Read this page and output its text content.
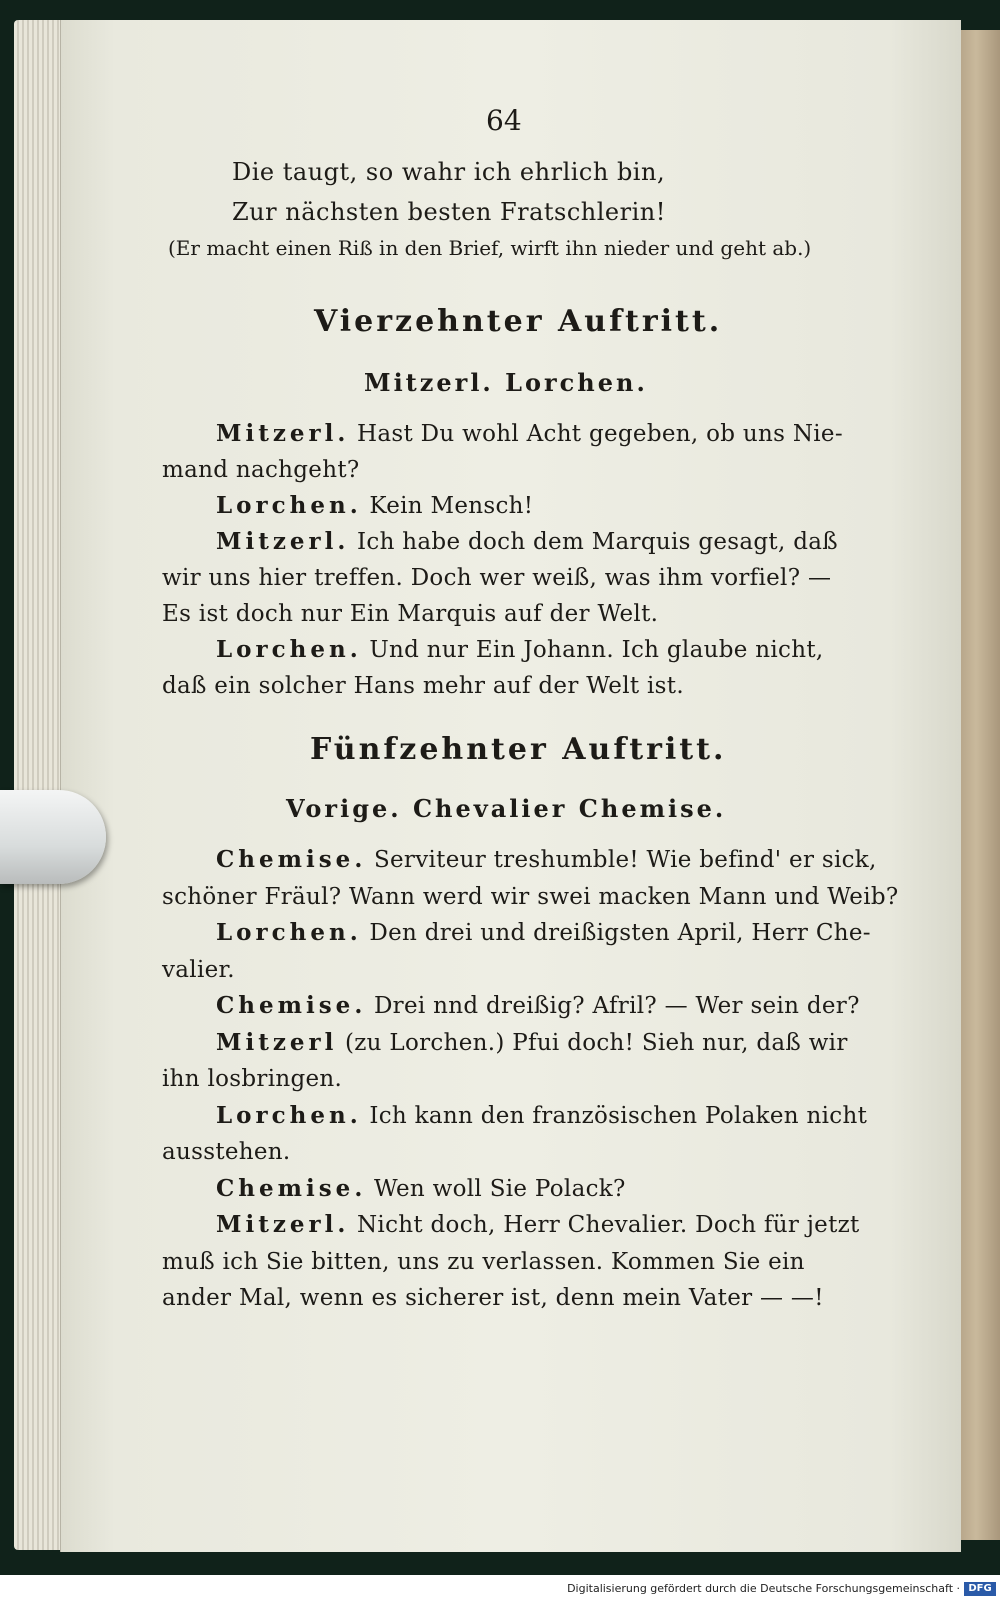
64
Die taugt, so wahr ich ehrlich bin,
Zur nächsten besten Fratschlerin!
(Er macht einen Riß in den Brief, wirft ihn nieder und geht ab.)
Vierzehnter Auftritt.
Mitzerl. Lorchen.
Mitzerl. Hast Du wohl Acht gegeben, ob uns Nie-
mand nachgeht?
Lorchen. Kein Mensch!
Mitzerl. Ich habe doch dem Marquis gesagt, daß
wir uns hier treffen. Doch wer weiß, was ihm vorfiel? —
Es ist doch nur Ein Marquis auf der Welt.
Lorchen. Und nur Ein Johann. Ich glaube nicht,
daß ein solcher Hans mehr auf der Welt ist.
Fünfzehnter Auftritt.
Vorige. Chevalier Chemise.
Chemise. Serviteur treshumble! Wie befind' er sick,
schöner Fräul? Wann werd wir swei macken Mann und Weib?
Lorchen. Den drei und dreißigsten April, Herr Che-
valier.
Chemise. Drei nnd dreißig? Afril? — Wer sein der?
Mitzerl (zu Lorchen.) Pfui doch! Sieh nur, daß wir
ihn losbringen.
Lorchen. Ich kann den französischen Polaken nicht
ausstehen.
Chemise. Wen woll Sie Polack?
Mitzerl. Nicht doch, Herr Chevalier. Doch für jetzt
muß ich Sie bitten, uns zu verlassen. Kommen Sie ein
ander Mal, wenn es sicherer ist, denn mein Vater — —!
Digitalisierung gefördert durch die Deutsche Forschungsgemeinschaft · DFG
